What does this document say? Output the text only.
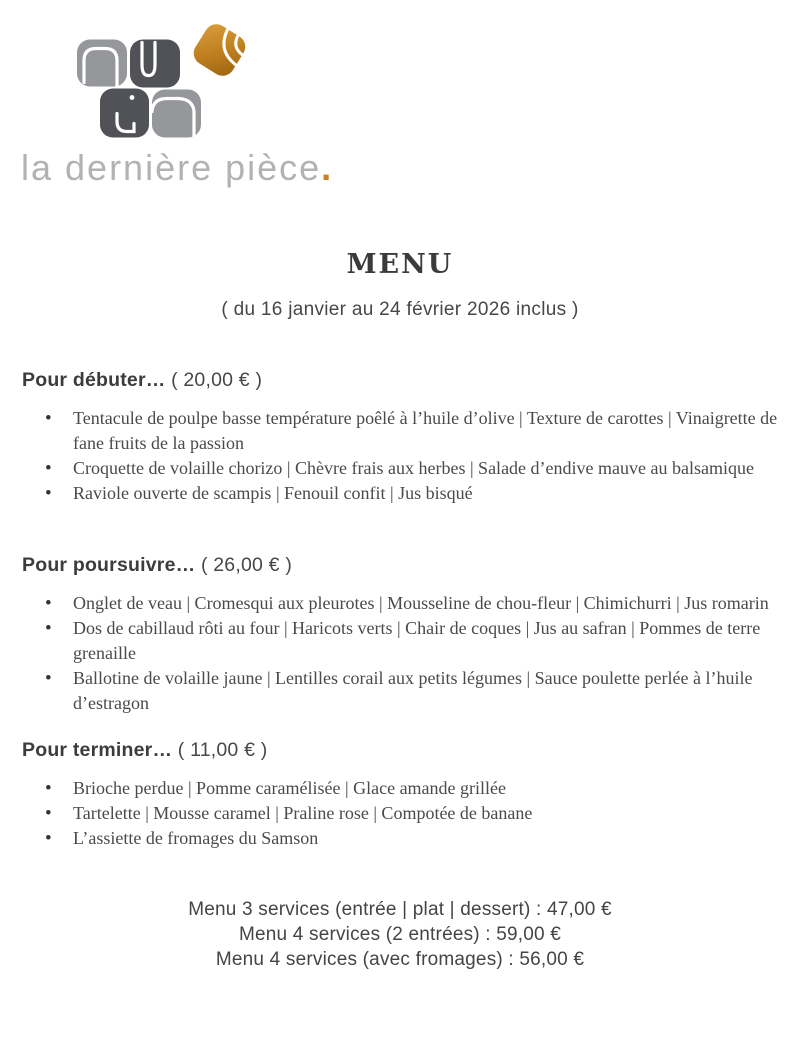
la dernière pièce.
MENU
( du 16 janvier au 24 février 2026 inclus )
Pour débuter… ( 20,00 € )
• Tentacule de poulpe basse température poêlé à l’huile d’olive | Texture de carottes | Vinaigrette de fane fruits de la passion
• Croquette de volaille chorizo | Chèvre frais aux herbes | Salade d’endive mauve au balsamique
• Raviole ouverte de scampis | Fenouil confit | Jus bisqué
Pour poursuivre… ( 26,00 € )
• Onglet de veau | Cromesqui aux pleurotes | Mousseline de chou-fleur | Chimichurri | Jus romarin
• Dos de cabillaud rôti au four | Haricots verts | Chair de coques | Jus au safran | Pommes de terre grenaille
• Ballotine de volaille jaune | Lentilles corail aux petits légumes | Sauce poulette perlée à l’huile d’estragon
Pour terminer… ( 11,00 € )
• Brioche perdue | Pomme caramélisée | Glace amande grillée
• Tartelette | Mousse caramel | Praline rose | Compotée de banane
• L’assiette de fromages du Samson
Menu 3 services (entrée | plat | dessert) : 47,00 €
Menu 4 services (2 entrées) : 59,00 €
Menu 4 services (avec fromages) : 56,00 €
